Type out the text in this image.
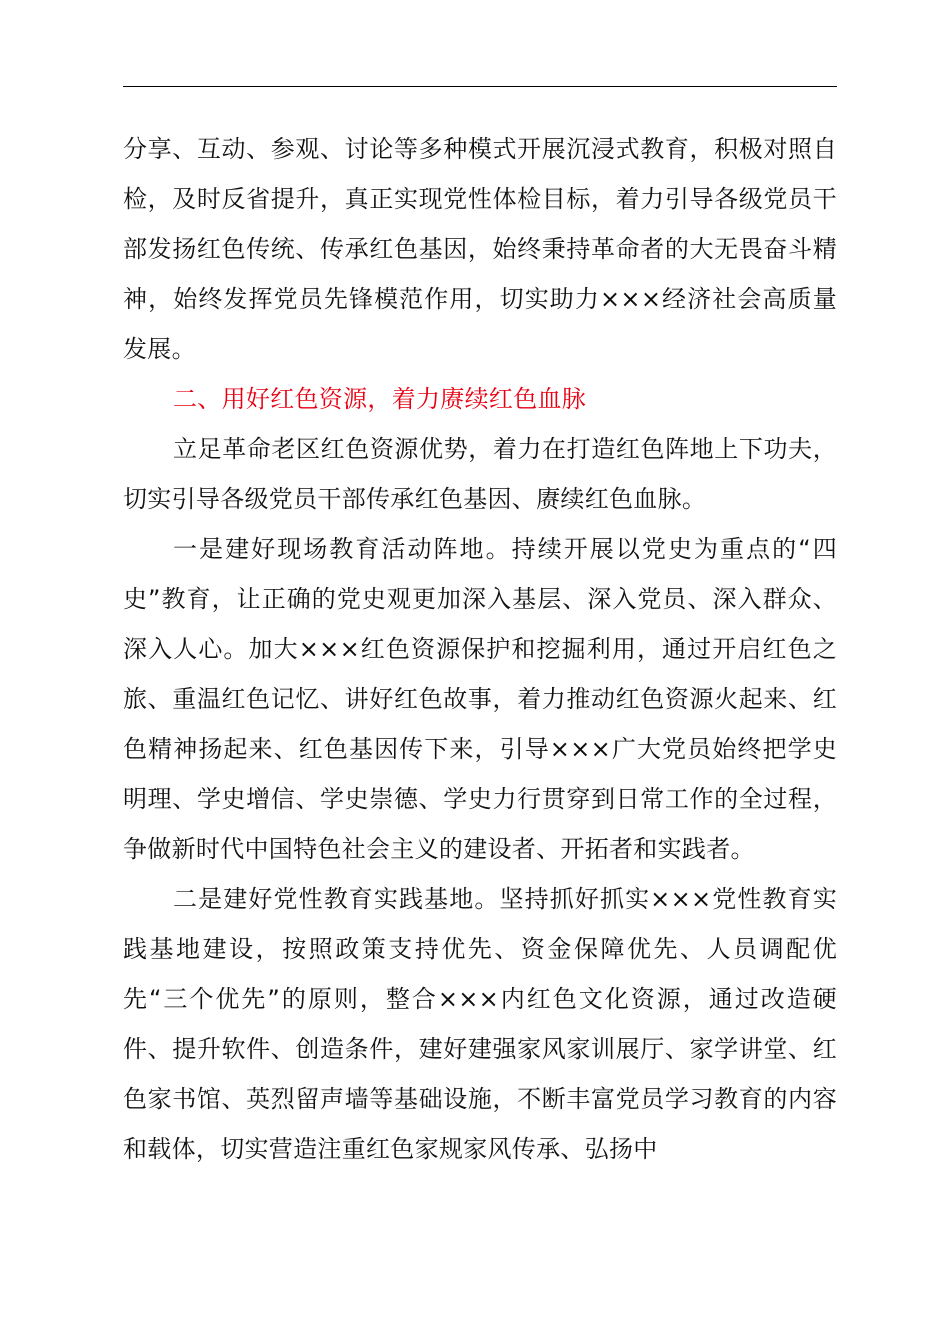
分享、互动、参观、讨论等多种模式开展沉浸式教育，积极对照自检，及时反省提升，真正实现党性体检目标，着力引导各级党员干部发扬红色传统、传承红色基因，始终秉持革命者的大无畏奋斗精神，始终发挥党员先锋模范作用，切实助力×××经济社会高质量发展。

二、用好红色资源，着力赓续红色血脉

立足革命老区红色资源优势，着力在打造红色阵地上下功夫，切实引导各级党员干部传承红色基因、赓续红色血脉。

一是建好现场教育活动阵地。持续开展以党史为重点的“四史”教育，让正确的党史观更加深入基层、深入党员、深入群众、深入人心。加大×××红色资源保护和挖掘利用，通过开启红色之旅、重温红色记忆、讲好红色故事，着力推动红色资源火起来、红色精神扬起来、红色基因传下来，引导×××广大党员始终把学史明理、学史增信、学史崇德、学史力行贯穿到日常工作的全过程，争做新时代中国特色社会主义的建设者、开拓者和实践者。

二是建好党性教育实践基地。坚持抓好抓实×××党性教育实践基地建设，按照政策支持优先、资金保障优先、人员调配优先“三个优先”的原则，整合×××内红色文化资源，通过改造硬件、提升软件、创造条件，建好建强家风家训展厅、家学讲堂、红色家书馆、英烈留声墙等基础设施，不断丰富党员学习教育的内容和载体，切实营造注重红色家规家风传承、弘扬中
